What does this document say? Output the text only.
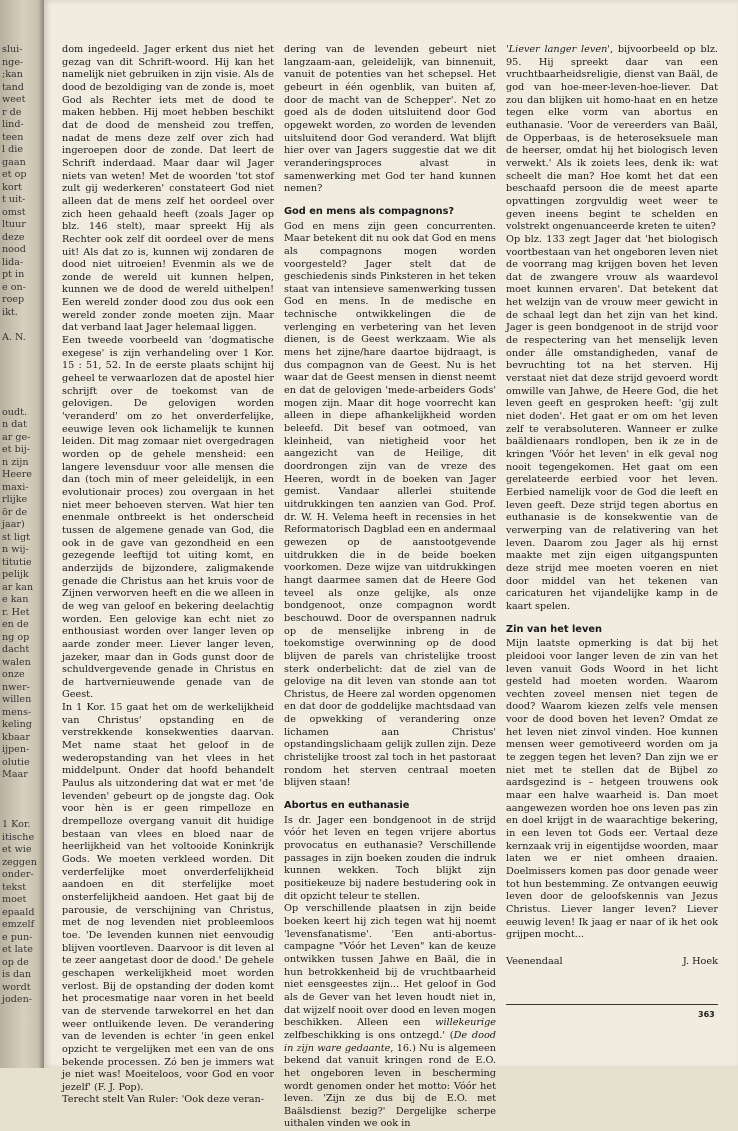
slui-
nge-
;kan
tand
weet
r de
lind-
teen
l die
gaan
et op
kort
t uit-
omst
ltuur
deze
nood
lida-
pt in
e on-
roep
ikt.

A. N.

oudt.
n dat
ar ge-
et bij-
n zijn
Heere
maxi-
rlijke
ör de
jaar)
st ligt
n wij-
titutie
pelijk
ar kan
e kan
r. Het
en de
ng op
dacht
walen
onze
nwer-
willen
mens-
keling
kbaar
ijpen-
olutie
Maar

1 Kor.
itische
et wie
zeggen
onder-
tekst
moet
epaald
emzelf
e pun-
et late
op de
is dan
wordt
joden-

dom ingedeeld. Jager erkent dus niet het gezag van dit Schrift-woord. Hij kan het namelijk niet gebruiken in zijn visie. Als de dood de bezoldiging van de zonde is, moet God als Rechter iets met de dood te maken hebben. Hij moet hebben beschikt dat de dood de mensheid zou treffen, nadat de mens deze zelf over zich had ingeroepen door de zonde. Dat leert de Schrift inderdaad. Maar daar wil Jager niets van weten! Met de woorden 'tot stof zult gij wederkeren' constateert God niet alleen dat de mens zelf het oordeel over zich heen gehaald heeft (zoals Jager op blz. 146 stelt), maar spreekt Hij als Rechter ook zelf dit oordeel over de mens uit! Als dat zo is, kunnen wij zondaren de dood niet uitroeien! Evenmin als we de zonde de wereld uit kunnen helpen, kunnen we de dood de wereld uithelpen! Een wereld zonder dood zou dus ook een wereld zonder zonde moeten zijn. Maar dat verband laat Jager helemaal liggen.

Een tweede voorbeeld van 'dogmatische exegese' is zijn verhandeling over 1 Kor. 15 : 51, 52. In de eerste plaats schijnt hij geheel te verwaarlozen dat de apostel hier schrijft over de toekomst van de gelovigen. De gelovigen worden 'veranderd' om zo het onverderfelijke, eeuwige leven ook lichamelijk te kunnen leiden. Dit mag zomaar niet overgedragen worden op de gehele mensheid: een langere levensduur voor alle mensen die dan (toch min of meer geleidelijk, in een evolutionair proces) zou overgaan in het niet meer behoeven sterven. Wat hier ten enenmale ontbreekt is het onderscheid tussen de algemene genade van God, die ook in de gave van gezondheid en een gezegende leeftijd tot uiting komt, en anderzijds de bijzondere, zaligmakende genade die Christus aan het kruis voor de Zijnen verworven heeft en die we alleen in de weg van geloof en bekering deelachtig worden. Een gelovige kan echt niet zo enthousiast worden over langer leven op aarde zonder meer. Liever langer leven, jazeker, maar dan in Gods gunst door de schuldvergevende genade in Christus en de hartvernieuwende genade van de Geest.

In 1 Kor. 15 gaat het om de werkelijkheid van Christus' opstanding en de verstrekkende konsekwenties daarvan. Met name staat het geloof in de wederopstanding van het vlees in het middelpunt. Onder dat hoofd behandelt Paulus als uitzondering dat wat er met 'de levenden' gebeurt op de jongste dag. Ook voor hèn is er geen rimpelloze en drempelloze overgang vanuit dit huidige bestaan van vlees en bloed naar de heerlijkheid van het voltooide Koninkrijk Gods. We moeten verkleed worden. Dit verderfelijke moet onverderfelijkheid aandoen en dit sterfelijke moet onsterfelijkheid aandoen. Het gaat bij de parousie, de verschijning van Christus, met de nog levenden niet probleemloos toe. 'De levenden kunnen niet eenvoudig blijven voortleven. Daarvoor is dit leven al te zeer aangetast door de dood.' De gehele geschapen werkelijkheid moet worden verlost. Bij de opstanding der doden komt het procesmatige naar voren in het beeld van de stervende tarwekorrel en het dan weer ontluikende leven. De verandering van de levenden is echter 'in geen enkel opzicht te vergelijken met een van de ons bekende processen. Zó ben je immers wat je niet was! Moeiteloos, voor God en voor jezelf' (F. J. Pop).

Terecht stelt Van Ruler: 'Ook deze veran-

dering van de levenden gebeurt niet langzaam-aan, geleidelijk, van binnenuit, vanuit de potenties van het schepsel. Het gebeurt in één ogenblik, van buiten af, door de macht van de Schepper'. Net zo goed als de doden uitsluitend door God opgewekt worden, zo worden de levenden uitsluitend door God veranderd. Wat blijft hier over van Jagers suggestie dat we dit veranderingsproces alvast in samenwerking met God ter hand kunnen nemen?

God en mens als compagnons?

God en mens zijn geen concurrenten. Maar betekent dit nu ook dat God en mens als compagnons mogen worden voorgesteld? Jager stelt dat de geschiedenis sinds Pinksteren in het teken staat van intensieve samenwerking tussen God en mens. In de medische en technische ontwikkelingen die de verlenging en verbetering van het leven dienen, is de Geest werkzaam. Wie als mens het zijne/hare daartoe bijdraagt, is dus compagnon van de Geest. Nu is het waar dat de Geest mensen in dienst neemt en dat de gelovigen 'mede-arbeiders Gods' mogen zijn. Maar dit hoge voorrecht kan alleen in diepe afhankelijkheid worden beleefd. Dit besef van ootmoed, van kleinheid, van nietigheid voor het aangezicht van de Heilige, dit doordrongen zijn van de vreze des Heeren, wordt in de boeken van Jager gemist. Vandaar allerlei stuitende uitdrukkingen ten aanzien van God. Prof. dr. W. H. Velema heeft in recensies in het Reformatorisch Dagblad een en andermaal gewezen op de aanstootgevende uitdrukken die in de beide boeken voorkomen. Deze wijze van uitdrukkingen hangt daarmee samen dat de Heere God teveel als onze gelijke, als onze bondgenoot, onze compagnon wordt beschouwd. Door de overspannen nadruk op de menselijke inbreng in de toekomstige overwinning op de dood blijven de parels van christelijke troost sterk onderbelicht: dat de ziel van de gelovige na dit leven van stonde aan tot Christus, de Heere zal worden opgenomen en dat door de goddelijke machtsdaad van de opwekking of verandering onze lichamen aan Christus' opstandingslichaam gelijk zullen zijn. Deze christelijke troost zal toch in het pastoraat rondom het sterven centraal moeten blijven staan!

Abortus en euthanasie

Is dr. Jager een bondgenoot in de strijd vóór het leven en tegen vrijere abortus provocatus en euthanasie? Verschillende passages in zijn boeken zouden die indruk kunnen wekken. Toch blijkt zijn positiekeuze bij nadere bestudering ook in dit opzicht teleur te stellen.

Op verschillende plaatsen in zijn beide boeken keert hij zich tegen wat hij noemt 'levensfanatisme'. 'Een anti-abortus-campagne "Vóór het Leven" kan de keuze ontwikken tussen Jahwe en Baäl, die in hun betrokkenheid bij de vruchtbaarheid niet eensgeestes zijn... Het geloof in God als de Gever van het leven houdt niet in, dat wijzelf nooit over dood en leven mogen beschikken. Alleen een willekeurige zelfbeschikking is ons ontzegd.' (De dood in zijn ware gedaante, 16.) Nu is algemeen bekend dat vanuit kringen rond de E.O. het ongeboren leven in bescherming wordt genomen onder het motto: Vóór het leven. 'Zijn ze dus bij de E.O. met Baälsdienst bezig?' Dergelijke scherpe uithalen vinden we ook in

'Liever langer leven', bijvoorbeeld op blz. 95. Hij spreekt daar van een vruchtbaarheidsreligie, dienst van Baäl, de god van hoe-meer-leven-hoe-liever. Dat zou dan blijken uit homo-haat en en hetze tegen elke vorm van abortus en euthanasie. 'Voor de vereerders van Baäl, de Opperbaas, is de heteroseksuele man de heerser, omdat hij het biologisch leven verwekt.' Als ik zoiets lees, denk ik: wat scheelt die man? Hoe komt het dat een beschaafd persoon die de meest aparte opvattingen zorgvuldig weet weer te geven ineens begint te schelden en volstrekt ongenuanceerde kreten te uiten?

Op blz. 133 zegt Jager dat 'het biologisch voortbestaan van het ongeboren leven niet de voorrang mag krijgen boven het leven dat de zwangere vrouw als waardevol moet kunnen ervaren'. Dat betekent dat het welzijn van de vrouw meer gewicht in de schaal legt dan het zijn van het kind. Jager is geen bondgenoot in de strijd voor de respectering van het menselijk leven onder álle omstandigheden, vanaf de bevruchting tot na het sterven. Hij verstaat niet dat deze strijd gevoerd wordt omwille van Jahwe, de Heere God, die het leven geeft en gesproken heeft: 'gij zult niet doden'. Het gaat er om om het leven zelf te verabsoluteren. Wanneer er zulke baäldienaars rondlopen, ben ik ze in de kringen 'Vóór het leven' in elk geval nog nooit tegengekomen. Het gaat om een gerelateerde eerbied voor het leven. Eerbied namelijk voor de God die leeft en leven geeft. Deze strijd tegen abortus en euthanasie is de konsekwentie van de verwerping van de relativering van het leven. Daarom zou Jager als hij ernst maakte met zijn eigen uitgangspunten deze strijd mee moeten voeren en niet door middel van het tekenen van caricaturen het vijandelijke kamp in de kaart spelen.

Zin van het leven

Mijn laatste opmerking is dat bij het pleidooi voor langer leven de zin van het leven vanuit Gods Woord in het licht gesteld had moeten worden. Waarom vechten zoveel mensen niet tegen de dood? Waarom kiezen zelfs vele mensen voor de dood boven het leven? Omdat ze het leven niet zinvol vinden. Hoe kunnen mensen weer gemotiveerd worden om ja te zeggen tegen het leven? Dan zijn we er niet met te stellen dat de Bijbel zo aardsgezind is – hetgeen trouwens ook maar een halve waarheid is. Dan moet aangewezen worden hoe ons leven pas zin en doel krijgt in de waarachtige bekering, in een leven tot Gods eer. Vertaal deze kernzaak vrij in eigentijdse woorden, maar laten we er niet omheen draaien. Doelmissers komen pas door genade weer tot hun bestemming. Ze ontvangen eeuwig leven door de geloofskennis van Jezus Christus. Liever langer leven? Liever eeuwig leven! Ik jaag er naar of ik het ook grijpen mocht...

Veenendaal	J. Hoek
363
